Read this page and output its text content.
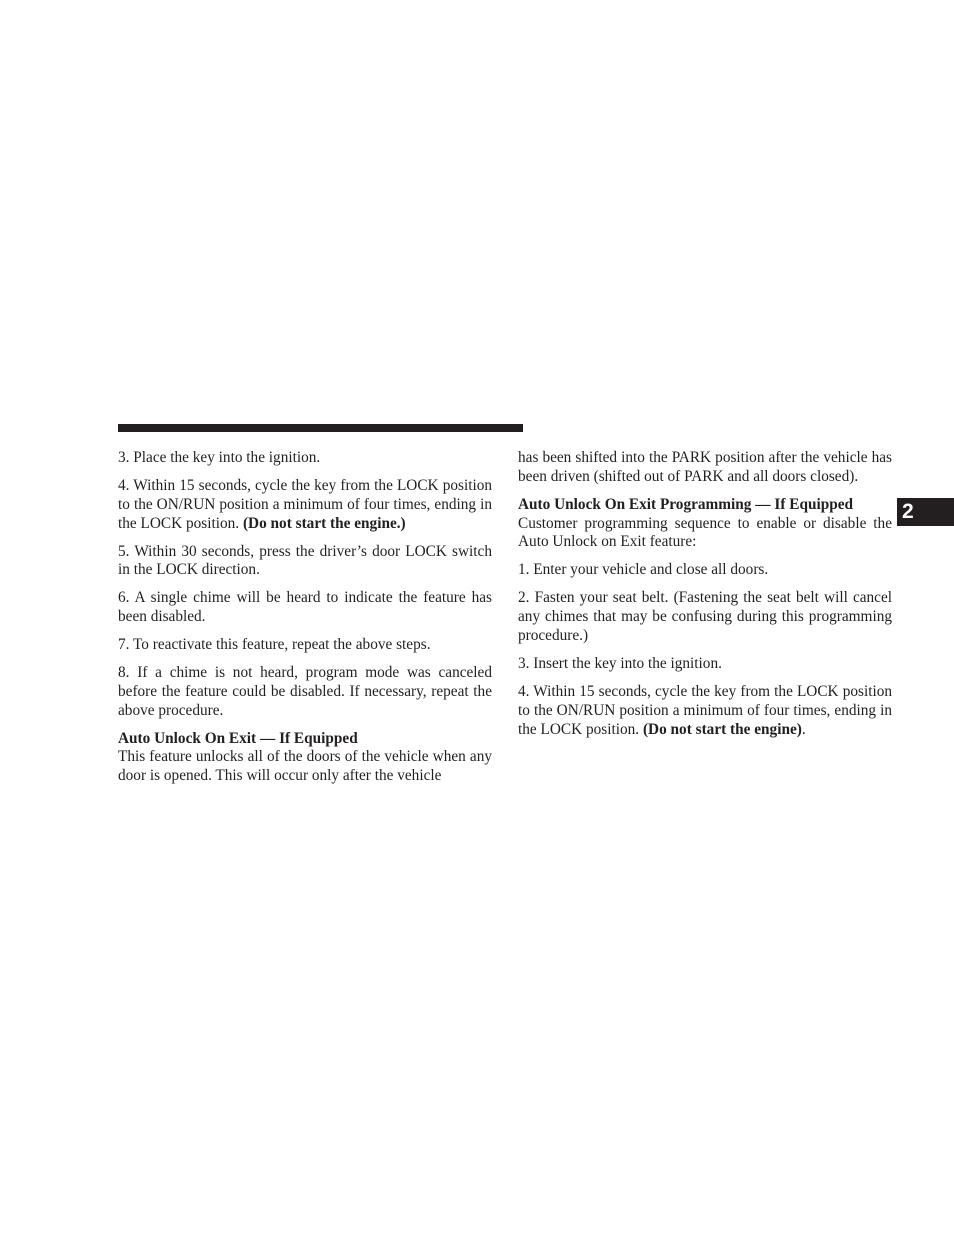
3. Place the key into the ignition.

4. Within 15 seconds, cycle the key from the LOCK position to the ON/RUN position a minimum of four times, ending in the LOCK position. (Do not start the engine.)

5. Within 30 seconds, press the driver’s door LOCK switch in the LOCK direction.

6. A single chime will be heard to indicate the feature has been disabled.

7. To reactivate this feature, repeat the above steps.

8. If a chime is not heard, program mode was canceled before the feature could be disabled. If necessary, repeat the above procedure.

Auto Unlock On Exit — If Equipped

This feature unlocks all of the doors of the vehicle when any door is opened. This will occur only after the vehicle

has been shifted into the PARK position after the vehicle has been driven (shifted out of PARK and all doors closed).

Auto Unlock On Exit Programming — If Equipped

Customer programming sequence to enable or disable the Auto Unlock on Exit feature:

1. Enter your vehicle and close all doors.

2. Fasten your seat belt. (Fastening the seat belt will cancel any chimes that may be confusing during this programming procedure.)

3. Insert the key into the ignition.

4. Within 15 seconds, cycle the key from the LOCK position to the ON/RUN position a minimum of four times, ending in the LOCK position. (Do not start the engine).

2
